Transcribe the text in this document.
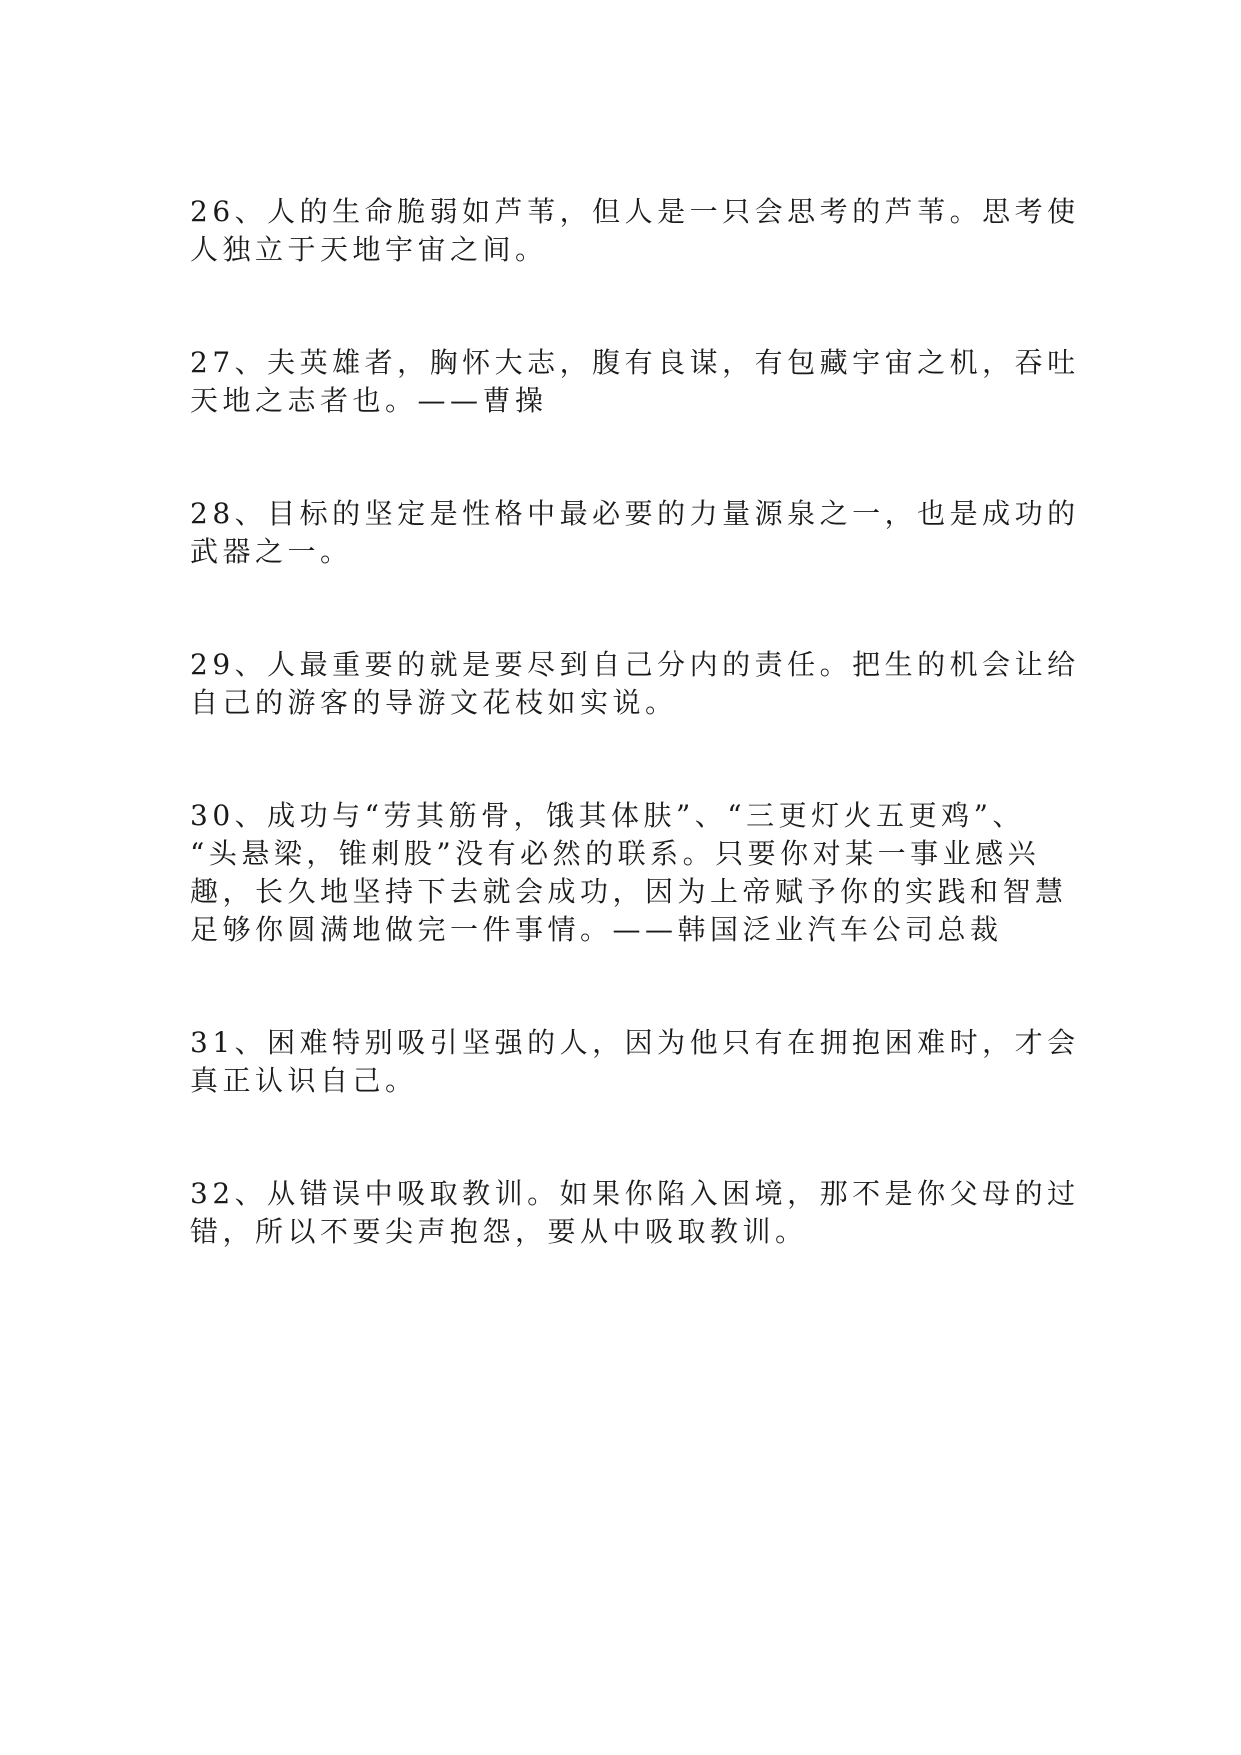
26、人的生命脆弱如芦苇，但人是一只会思考的芦苇。思考使
人独立于天地宇宙之间。

27、夫英雄者，胸怀大志，腹有良谋，有包藏宇宙之机，吞吐
天地之志者也。——曹操

28、目标的坚定是性格中最必要的力量源泉之一，也是成功的
武器之一。

29、人最重要的就是要尽到自己分内的责任。把生的机会让给
自己的游客的导游文花枝如实说。

30、成功与“劳其筋骨，饿其体肤”、“三更灯火五更鸡”、
“头悬梁，锥刺股”没有必然的联系。只要你对某一事业感兴
趣，长久地坚持下去就会成功，因为上帝赋予你的实践和智慧
足够你圆满地做完一件事情。——韩国泛业汽车公司总裁

31、困难特别吸引坚强的人，因为他只有在拥抱困难时，才会
真正认识自己。

32、从错误中吸取教训。如果你陷入困境，那不是你父母的过
错，所以不要尖声抱怨，要从中吸取教训。
